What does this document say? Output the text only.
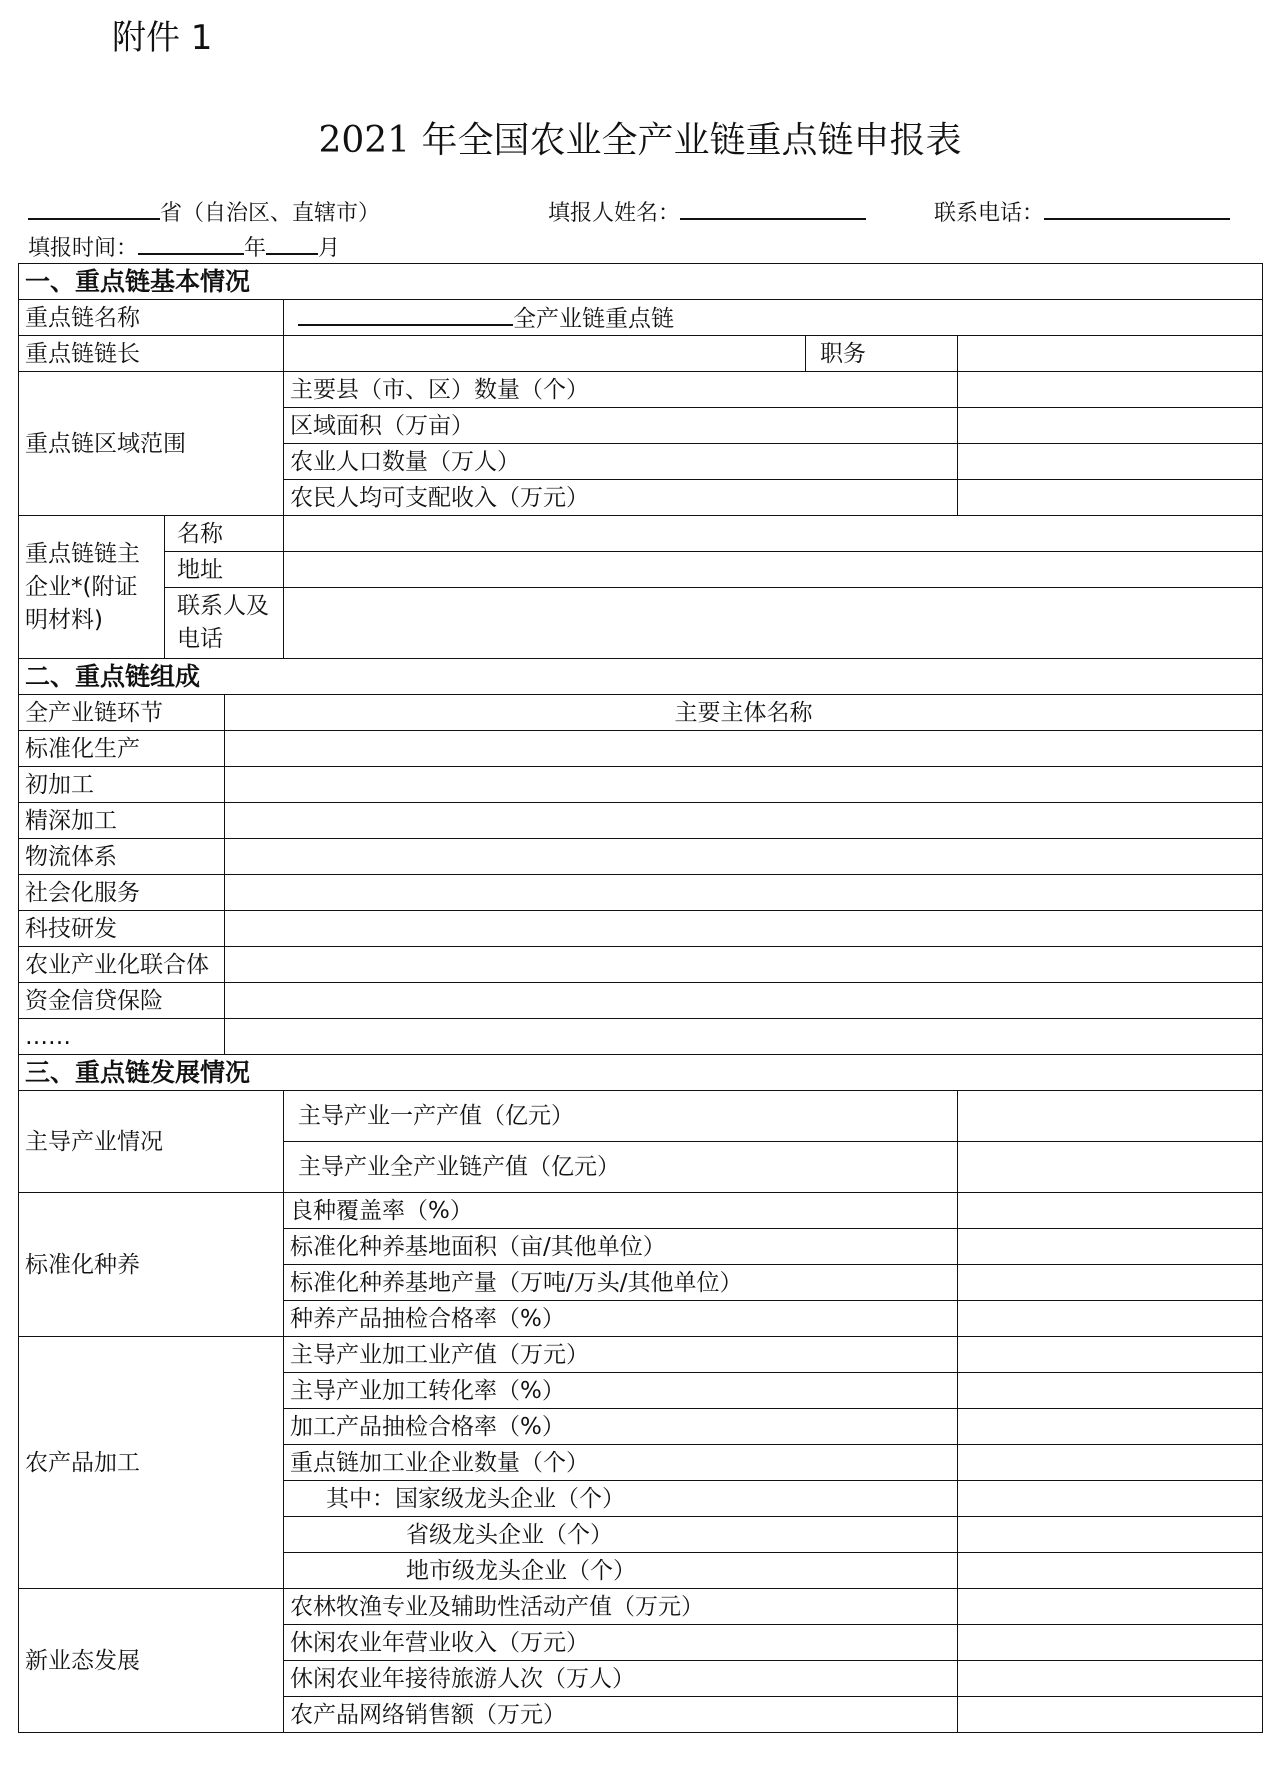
附件 1
2021 年全国农业全产业链重点链申报表
省（自治区、直辖市）	填报人姓名：	联系电话：
填报时间：	年 月
一、重点链基本情况					
重点链名称			全产业链重点链		
重点链链长				职务	
重点链区域范围			主要县（市、区）数量（个）		
			区域面积（万亩）		
			农业人口数量（万人）		
			农民人均可支配收入（万元）		
重点链链主企业*(附证明材料)	名称				
	地址				
	联系人及电话				
二、重点链组成					
全产业链环节		主要主体名称			
标准化生产					
初加工					
精深加工					
物流体系					
社会化服务					
科技研发					
农业产业化联合体					
资金信贷保险					
……					
三、重点链发展情况					
主导产业情况			主导产业一产产值（亿元）		
			主导产业全产业链产值（亿元）		
标准化种养			良种覆盖率（%）		
			标准化种养基地面积（亩/其他单位）		
			标准化种养基地产量（万吨/万头/其他单位）		
			种养产品抽检合格率（%）		
农产品加工			主导产业加工业产值（万元）		
			主导产业加工转化率（%）		
			加工产品抽检合格率（%）		
			重点链加工业企业数量（个）		
			其中：国家级龙头企业（个）		
			省级龙头企业（个）		
			地市级龙头企业（个）		
新业态发展			农林牧渔专业及辅助性活动产值（万元）		
			休闲农业年营业收入（万元）		
			休闲农业年接待旅游人次（万人）		
			农产品网络销售额（万元）		
